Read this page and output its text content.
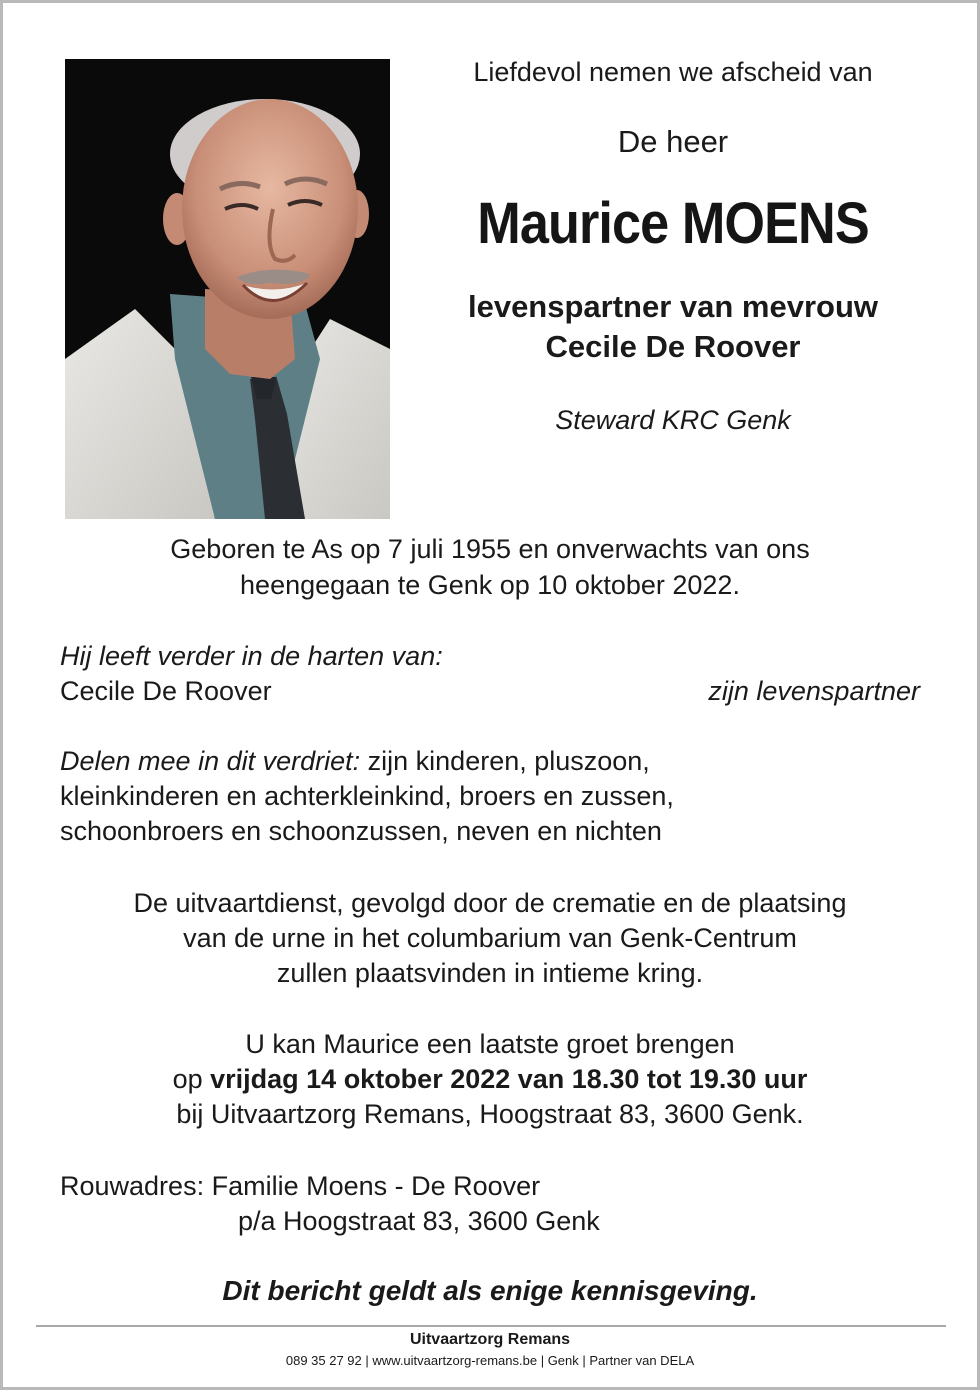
Liefdevol nemen we afscheid van
De heer
Maurice MOENS
levenspartner van mevrouw
Cecile De Roover
Steward KRC Genk
Geboren te As op 7 juli 1955 en onverwachts van ons
heengegaan te Genk op 10 oktober 2022.
Hij leeft verder in de harten van:
Cecile De Roover	zijn levenspartner
Delen mee in dit verdriet: zijn kinderen, pluszoon,
kleinkinderen en achterkleinkind, broers en zussen,
schoonbroers en schoonzussen, neven en nichten
De uitvaartdienst, gevolgd door de crematie en de plaatsing
van de urne in het columbarium van Genk-Centrum
zullen plaatsvinden in intieme kring.
U kan Maurice een laatste groet brengen
op vrijdag 14 oktober 2022 van 18.30 tot 19.30 uur
bij Uitvaartzorg Remans, Hoogstraat 83, 3600 Genk.
Rouwadres: Familie Moens - De Roover
p/a Hoogstraat 83, 3600 Genk
Dit bericht geldt als enige kennisgeving.
Uitvaartzorg Remans
089 35 27 92 | www.uitvaartzorg-remans.be | Genk | Partner van DELA
